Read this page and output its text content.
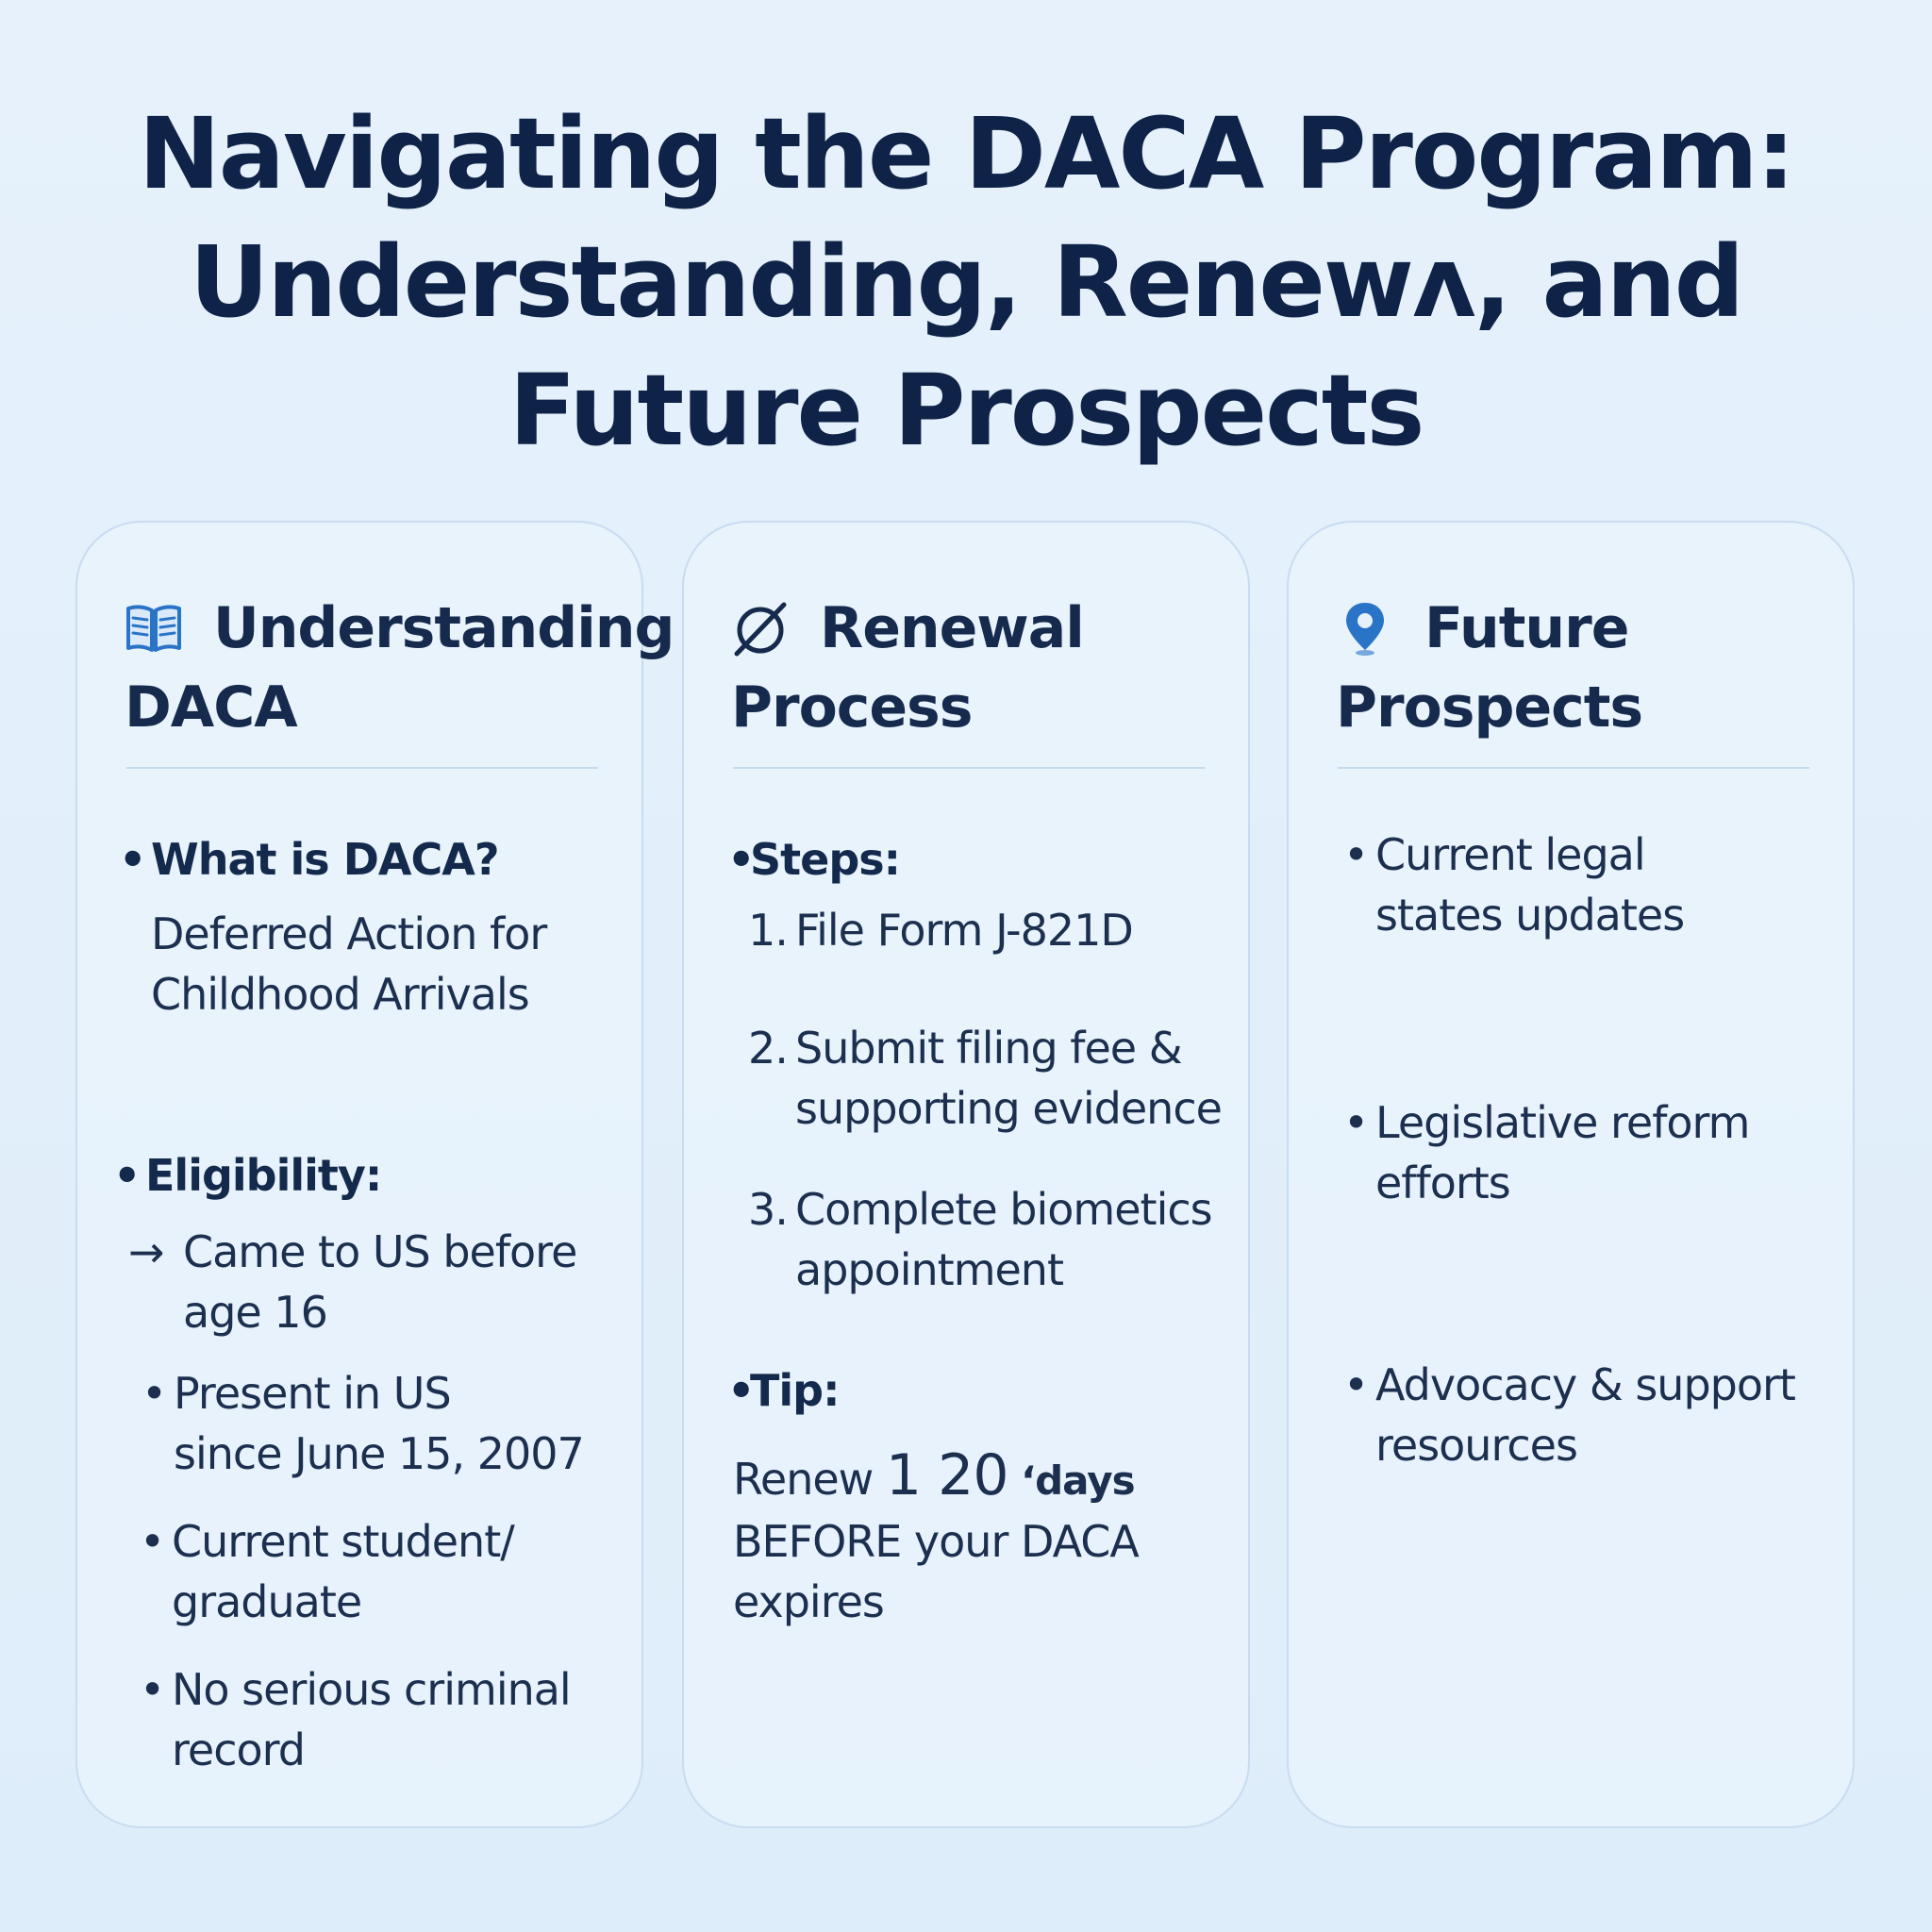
Navigating the DACA Program:
Understanding, Renewʌ, and
Future Prospects
Understanding
DACA
• What is DACA?
Deferred Action for
Childhood Arrivals
• Eligibility:
→ Came to US before
age 16
• Present in US
since June 15, 2007
• Current student/
graduate
• No serious criminal
record
Renewal
Process
•
Steps:
1. File Form J-821D
2. Submit filing fee &
supporting evidence
3. Complete biometics
appointment
•
Tip:
Renew 1 20 ʻdays
BEFORE your DACA
expires
Future
Prospects
• Current legal
states updates
• Legislative reform
efforts
• Advocacy & support
resources
